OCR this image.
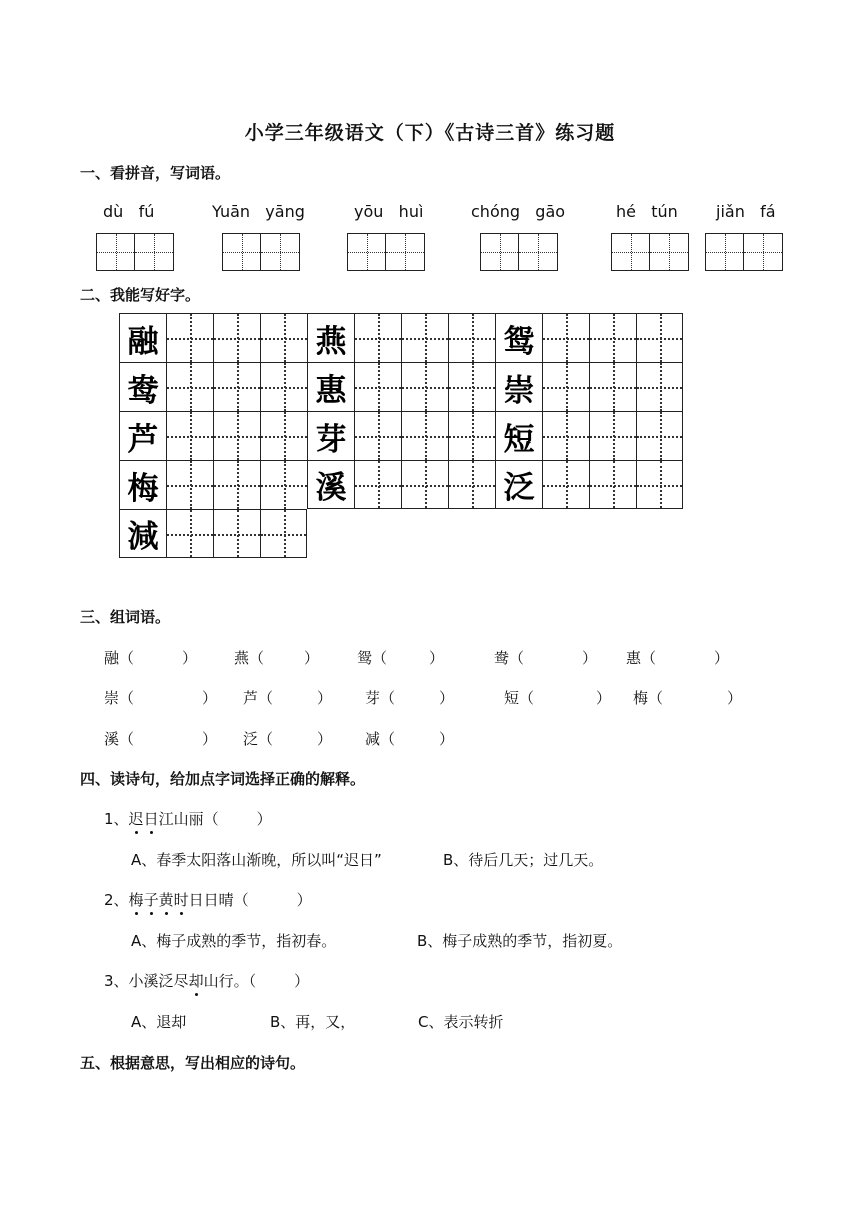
小学三年级语文（下）《古诗三首》练习题
一、看拼音，写词语。
dù fú	Yuān yāng	yōu huì	chóng gāo	hé tún jiǎn fá
二、我能写好字。
融	燕	鸳
鸯	惠	崇
芦	芽	短
梅	溪	泛
減
三、组词语。
融（	） 燕（	）	鸳（	）	鸯（	） 惠（	）
崇（	） 芦（	） 芽（	）	短（	） 梅（	）
溪（	） 泛（	） 减（	）
四、读诗句，给加点字词选择正确的解释。
1、迟日江山丽（	）
A、春季太阳落山渐晚，所以叫“迟日”	B、待后几天；过几天。
2、梅子黄时日日晴（	）
A、梅子成熟的季节，指初春。	B、梅子成熟的季节，指初夏。
3、小溪泛尽却山行。（	）
A、退却	B、再，又，	C、表示转折
五、根据意思，写出相应的诗句。
